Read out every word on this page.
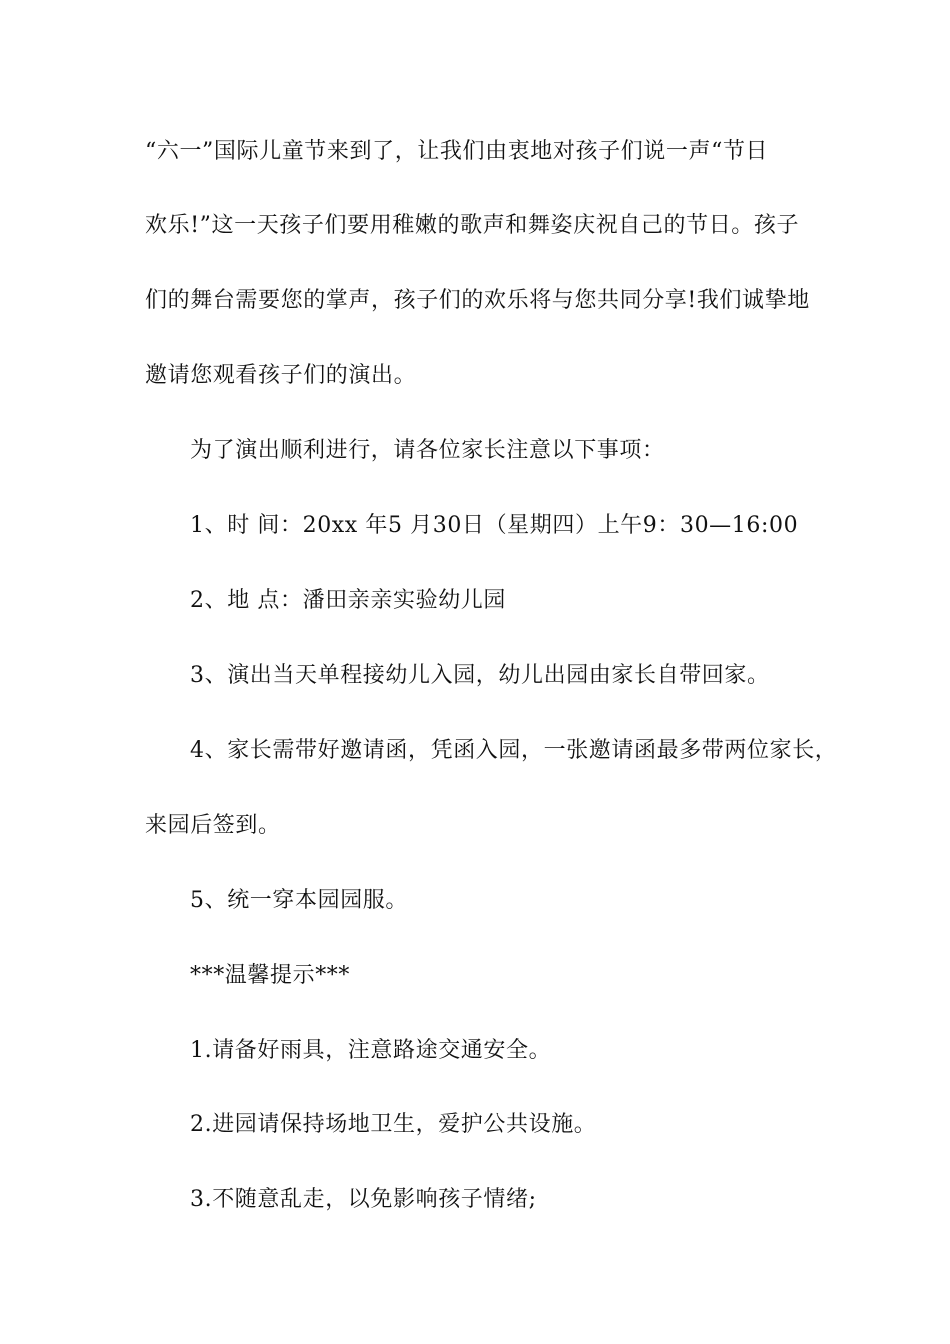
“六一”国际儿童节来到了，让我们由衷地对孩子们说一声“节日
欢乐!”这一天孩子们要用稚嫩的歌声和舞姿庆祝自己的节日。孩子
们的舞台需要您的掌声，孩子们的欢乐将与您共同分享!我们诚挚地
邀请您观看孩子们的演出。
为了演出顺利进行，请各位家长注意以下事项：
1、时 间：20xx 年5 月30日（星期四）上午9：30—16:00
2、地 点：潘田亲亲实验幼儿园
3、演出当天单程接幼儿入园，幼儿出园由家长自带回家。
4、家长需带好邀请函，凭函入园，一张邀请函最多带两位家长，
来园后签到。
5、统一穿本园园服。
***温馨提示***
1.请备好雨具，注意路途交通安全。
2.进园请保持场地卫生，爱护公共设施。
3.不随意乱走，以免影响孩子情绪;
